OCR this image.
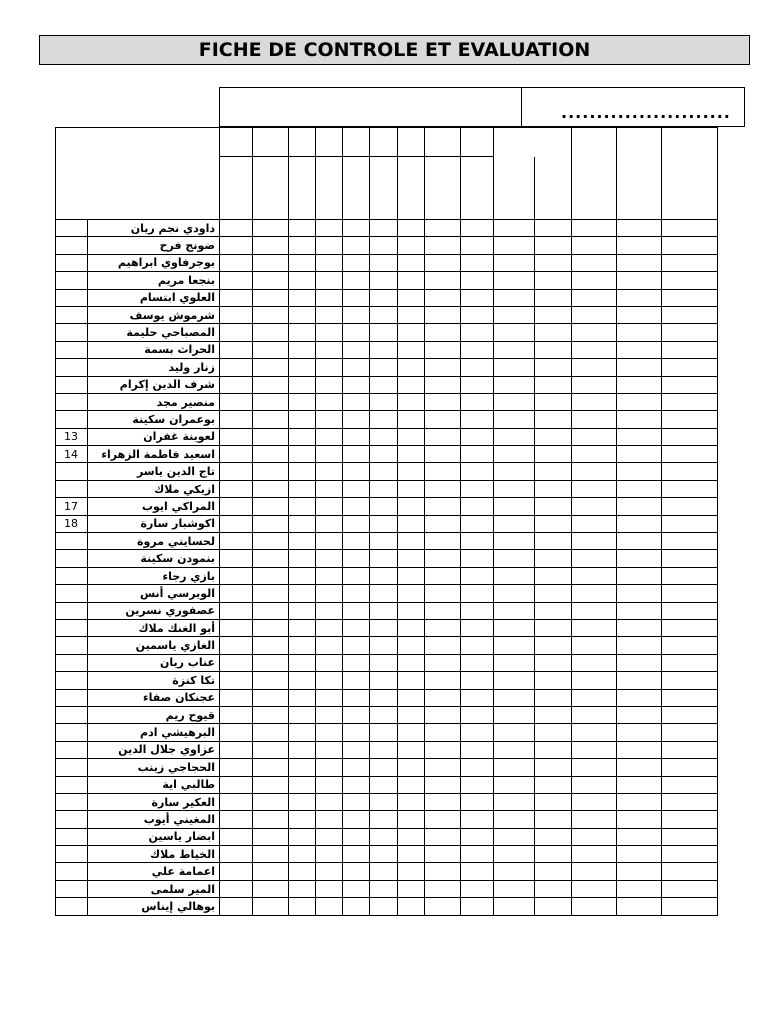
FICHE DE CONTROLE ET EVALUATION
........................

	داودي نجم ريان														
	ضونج فرح														
	بوجرفاوي ابراهيم														
	بنجعا مريم														
	العلوي ابتسام														
	شرموش يوسف														
	المصباحي حليمة														
	الحراث بسمة														
	زنار وليد														
	شرف الدين إكرام														
	منصير مجد														
	بوعمران سكينة														
13	لعوينة غفران														
14	اسعيد فاطمة الزهراء														
	تاج الدين ياسر														
	ازيكي ملاك														
17	المراكي ايوب														
18	اكوشبار سارة														
	لحسايني مروة														
	بنمودن سكينة														
	بازي رجاء														
	الويرسي أنس														
	عصفوري نسرين														
	أبو الغنك ملاك														
	الغازي ياسمين														
	عناب ريان														
	تكا كنزة														
	عجنكان صفاء														
	قيوح ريم														
	البرهيشي ادم														
	عزاوي جلال الدين														
	الحجاجي زينب														
	طالبي اية														
	العكير سارة														
	المغيني أيوب														
	ابضار ياسين														
	الخياط ملاك														
	اعمامة علي														
	المير سلمى														
	بوهالي إيناس														
